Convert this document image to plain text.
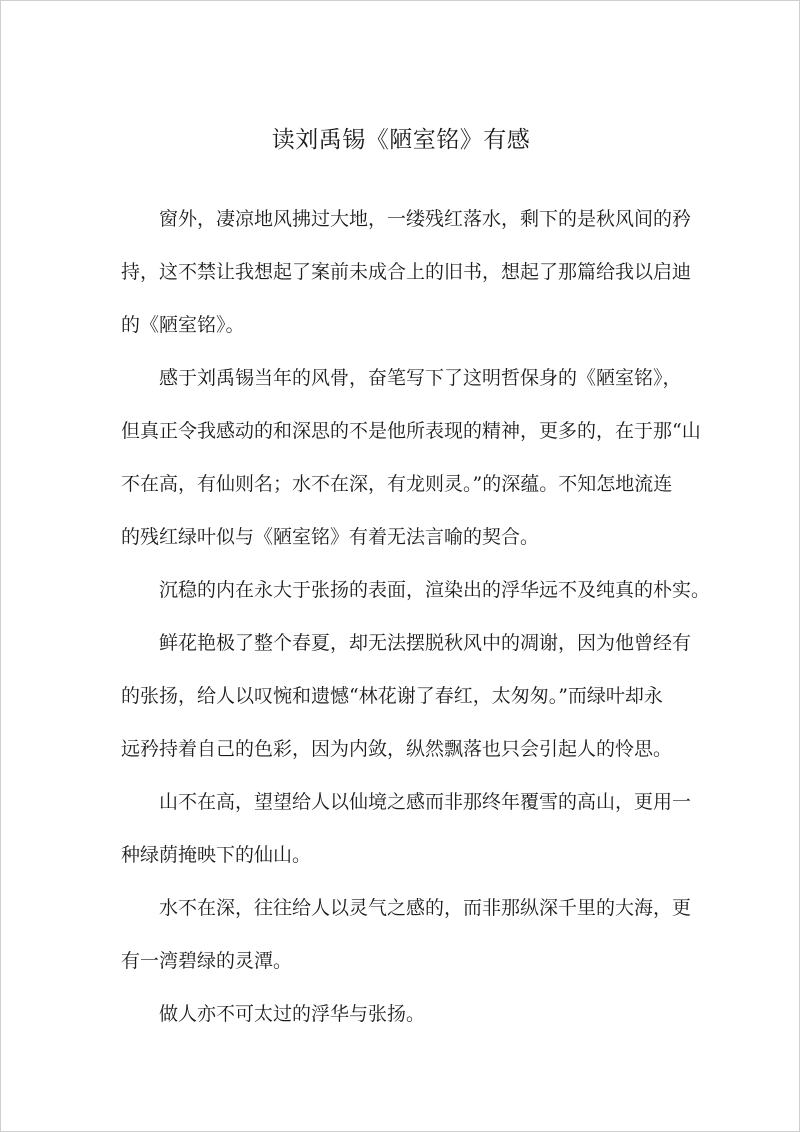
读刘禹锡《陋室铭》有感

窗外，凄凉地风拂过大地，一缕残红落水，剩下的是秋风间的矜
持，这不禁让我想起了案前未成合上的旧书，想起了那篇给我以启迪
的《陋室铭》。

感于刘禹锡当年的风骨，奋笔写下了这明哲保身的《陋室铭》，
但真正令我感动的和深思的不是他所表现的精神，更多的，在于那“山
不在高，有仙则名；水不在深，有龙则灵。”的深蕴。不知怎地流连
的残红绿叶似与《陋室铭》有着无法言喻的契合。

沉稳的内在永大于张扬的表面，渲染出的浮华远不及纯真的朴实。

鲜花艳极了整个春夏，却无法摆脱秋风中的凋谢，因为他曾经有
的张扬，给人以叹惋和遗憾“林花谢了春红，太匆匆。”而绿叶却永
远矜持着自己的色彩，因为内敛，纵然飘落也只会引起人的怜思。

山不在高，望望给人以仙境之感而非那终年覆雪的高山，更用一
种绿荫掩映下的仙山。

水不在深，往往给人以灵气之感的，而非那纵深千里的大海，更
有一湾碧绿的灵潭。

做人亦不可太过的浮华与张扬。
